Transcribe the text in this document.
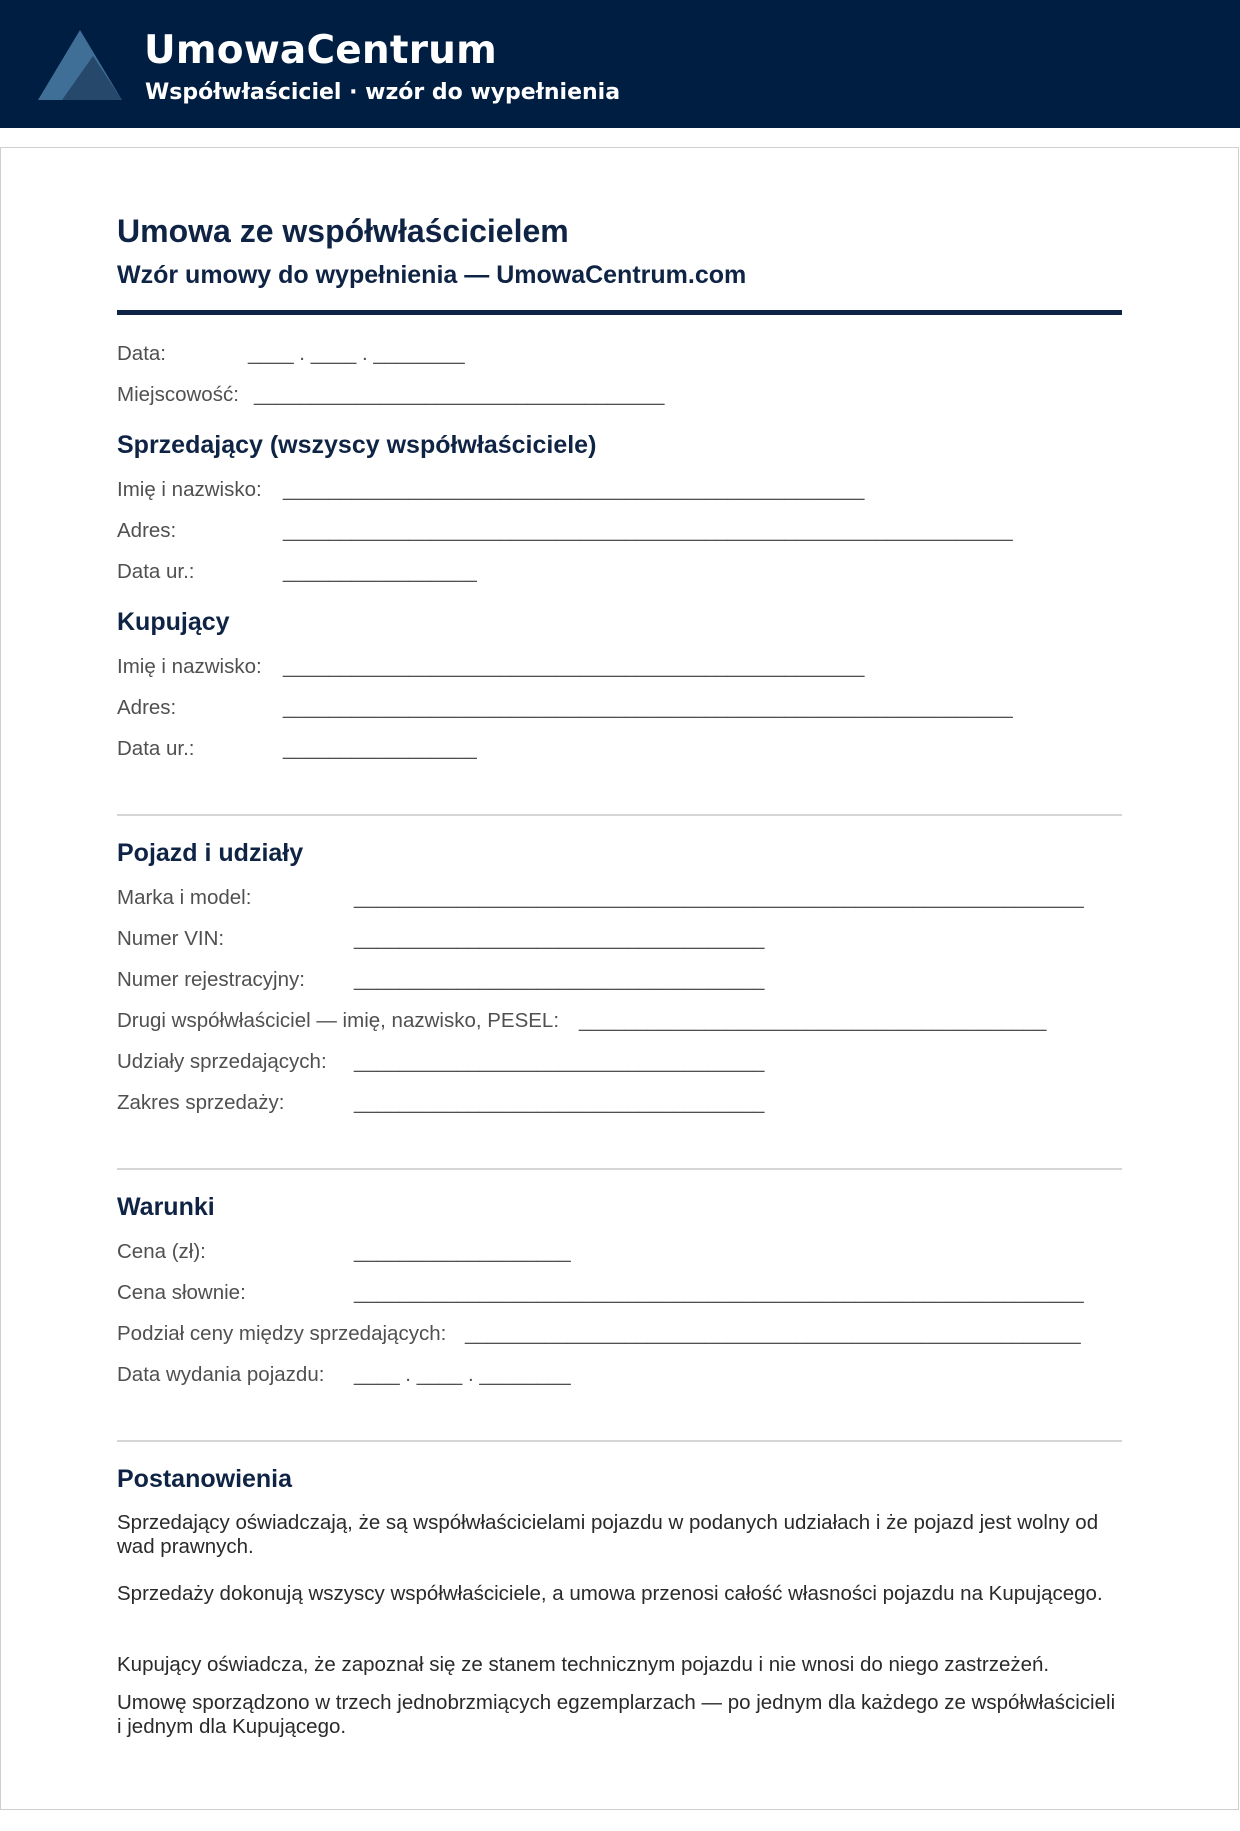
UmowaCentrum
Współwłaściciel · wzór do wypełnienia
Umowa ze współwłaścicielem
Wzór umowy do wypełnienia — UmowaCentrum.com
Data:	____ . ____ . ________
Miejscowość: ____________________________________
Sprzedający (wszyscy współwłaściciele)
Imię i nazwisko: ___________________________________________________
Adres:	________________________________________________________________
Data ur.:	_________________
Kupujący
Imię i nazwisko: ___________________________________________________
Adres:	________________________________________________________________
Data ur.:	_________________
Pojazd i udziały
Marka i model:	________________________________________________________________
Numer VIN:	____________________________________
Numer rejestracyjny: ____________________________________
Drugi współwłaściciel — imię, nazwisko, PESEL: _________________________________________
Udziały sprzedających: ____________________________________
Zakres sprzedaży:	____________________________________
Warunki
Cena (zł):	___________________
Cena słownie:	________________________________________________________________
Podział ceny między sprzedających: ______________________________________________________
Data wydania pojazdu: ____ . ____ . ________
Postanowienia
Sprzedający oświadczają, że są współwłaścicielami pojazdu w podanych udziałach i że pojazd jest wolny od wad prawnych.
Sprzedaży dokonują wszyscy współwłaściciele, a umowa przenosi całość własności pojazdu na Kupującego.
Kupujący oświadcza, że zapoznał się ze stanem technicznym pojazdu i nie wnosi do niego zastrzeżeń.
Umowę sporządzono w trzech jednobrzmiących egzemplarzach — po jednym dla każdego ze współwłaścicieli i jednym dla Kupującego.
